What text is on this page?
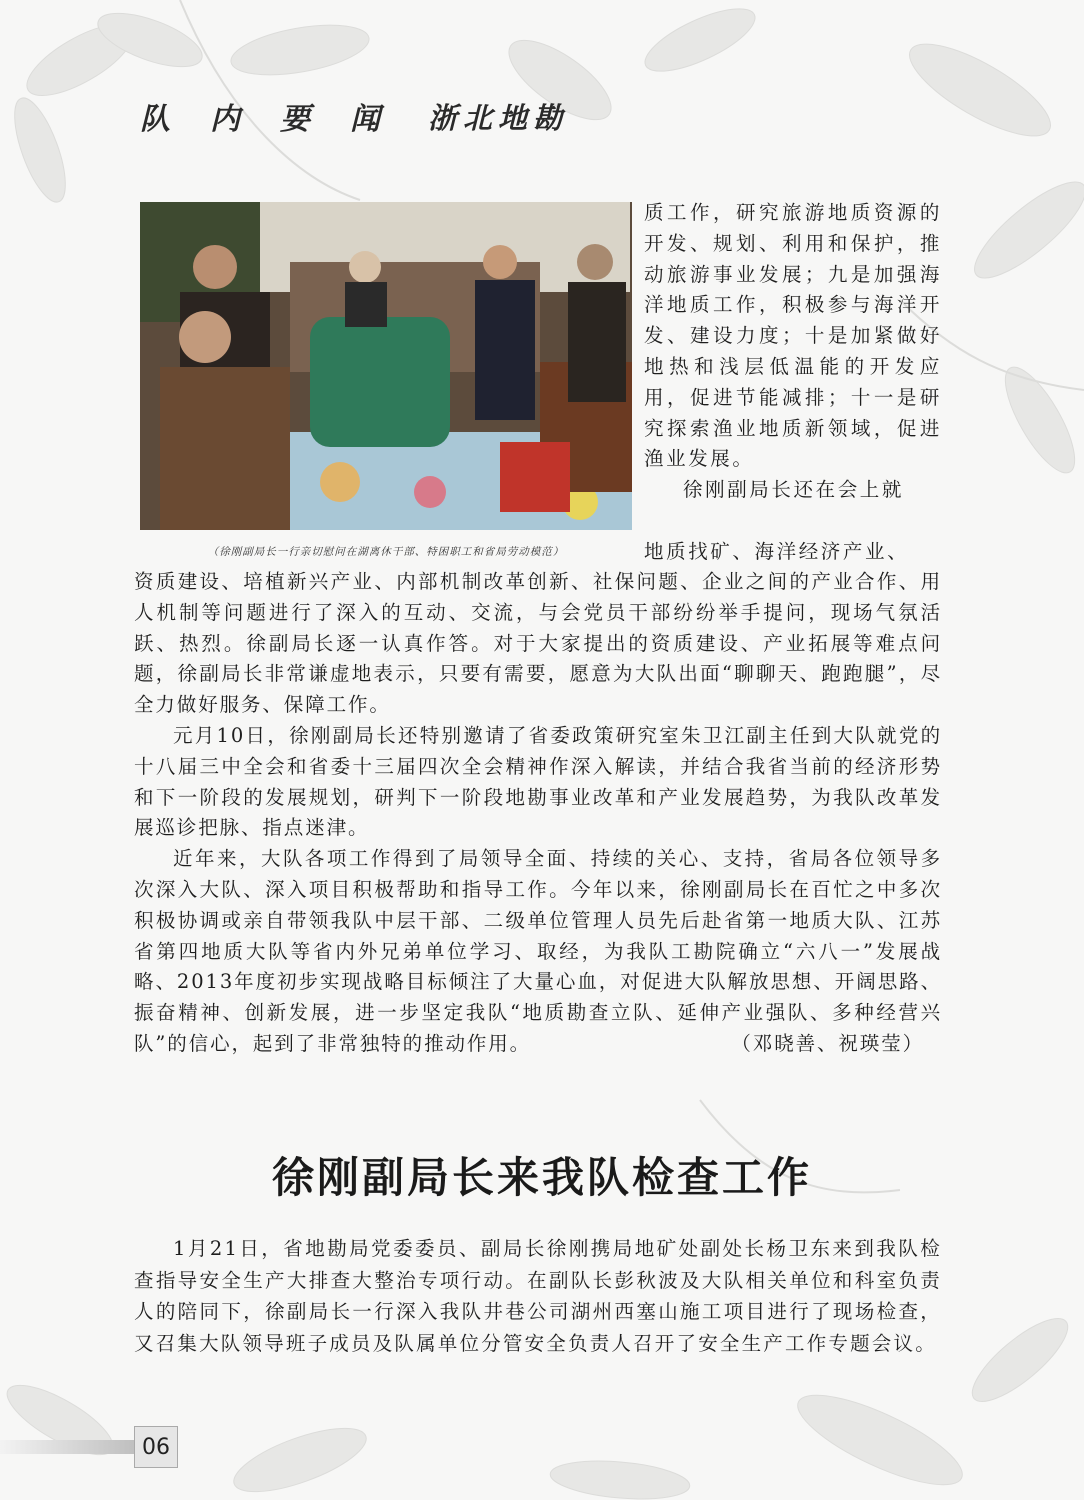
队内要闻 浙北地勘
（徐刚副局长一行亲切慰问在湖离休干部、特困职工和省局劳动模范）

质工作，研究旅游地质资源的开发、规划、利用和保护，推动旅游事业发展；九是加强海洋地质工作，积极参与海洋开发、建设力度；十是加紧做好地热和浅层低温能的开发应用，促进节能减排；十一是研究探索渔业地质新领域，促进渔业发展。

徐刚副局长还在会上就

地质找矿、海洋经济产业、

资质建设、培植新兴产业、内部机制改革创新、社保问题、企业之间的产业合作、用人机制等问题进行了深入的互动、交流，与会党员干部纷纷举手提问，现场气氛活跃、热烈。徐副局长逐一认真作答。对于大家提出的资质建设、产业拓展等难点问题，徐副局长非常谦虚地表示，只要有需要，愿意为大队出面“聊聊天、跑跑腿”，尽全力做好服务、保障工作。

元月10日，徐刚副局长还特别邀请了省委政策研究室朱卫江副主任到大队就党的十八届三中全会和省委十三届四次全会精神作深入解读，并结合我省当前的经济形势和下一阶段的发展规划，研判下一阶段地勘事业改革和产业发展趋势，为我队改革发展巡诊把脉、指点迷津。

近年来，大队各项工作得到了局领导全面、持续的关心、支持，省局各位领导多次深入大队、深入项目积极帮助和指导工作。今年以来，徐刚副局长在百忙之中多次积极协调或亲自带领我队中层干部、二级单位管理人员先后赴省第一地质大队、江苏省第四地质大队等省内外兄弟单位学习、取经，为我队工勘院确立“六八一”发展战略、2013年度初步实现战略目标倾注了大量心血，对促进大队解放思想、开阔思路、振奋精神、创新发展，进一步坚定我队“地质勘查立队、延伸产业强队、多种经营兴队”的信心，起到了非常独特的推动作用。	（邓晓善、祝瑛莹）

徐刚副局长来我队检查工作

1月21日，省地勘局党委委员、副局长徐刚携局地矿处副处长杨卫东来到我队检查指导安全生产大排查大整治专项行动。在副队长彭秋波及大队相关单位和科室负责人的陪同下，徐副局长一行深入我队井巷公司湖州西塞山施工项目进行了现场检查，又召集大队领导班子成员及队属单位分管安全负责人召开了安全生产工作专题会议。

06
